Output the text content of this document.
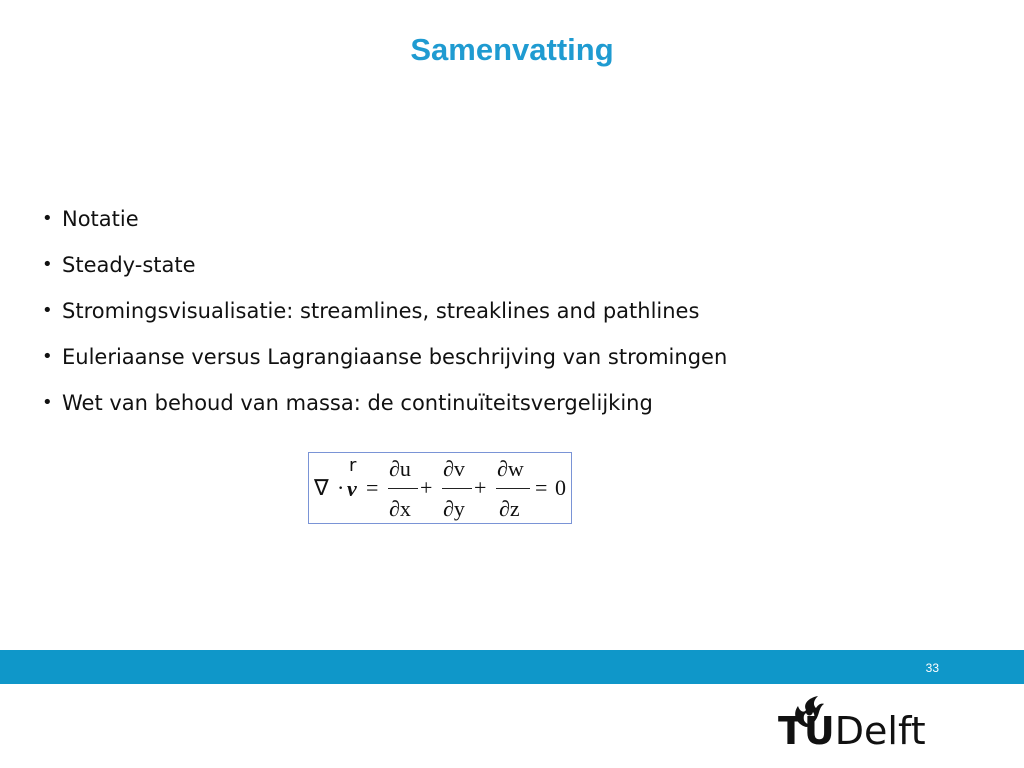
Samenvatting
• Notatie
• Steady-state
• Stromingsvisualisatie: streamlines, streaklines and pathlines
• Euleriaanse versus Lagrangiaanse beschrijving van stromingen
• Wet van behoud van massa: de continuïteitsvergelijking
∇ ·
r
v =
∂u
∂x
+
∂v
∂y
+
∂w
∂z
= 0
33
TUDelft
